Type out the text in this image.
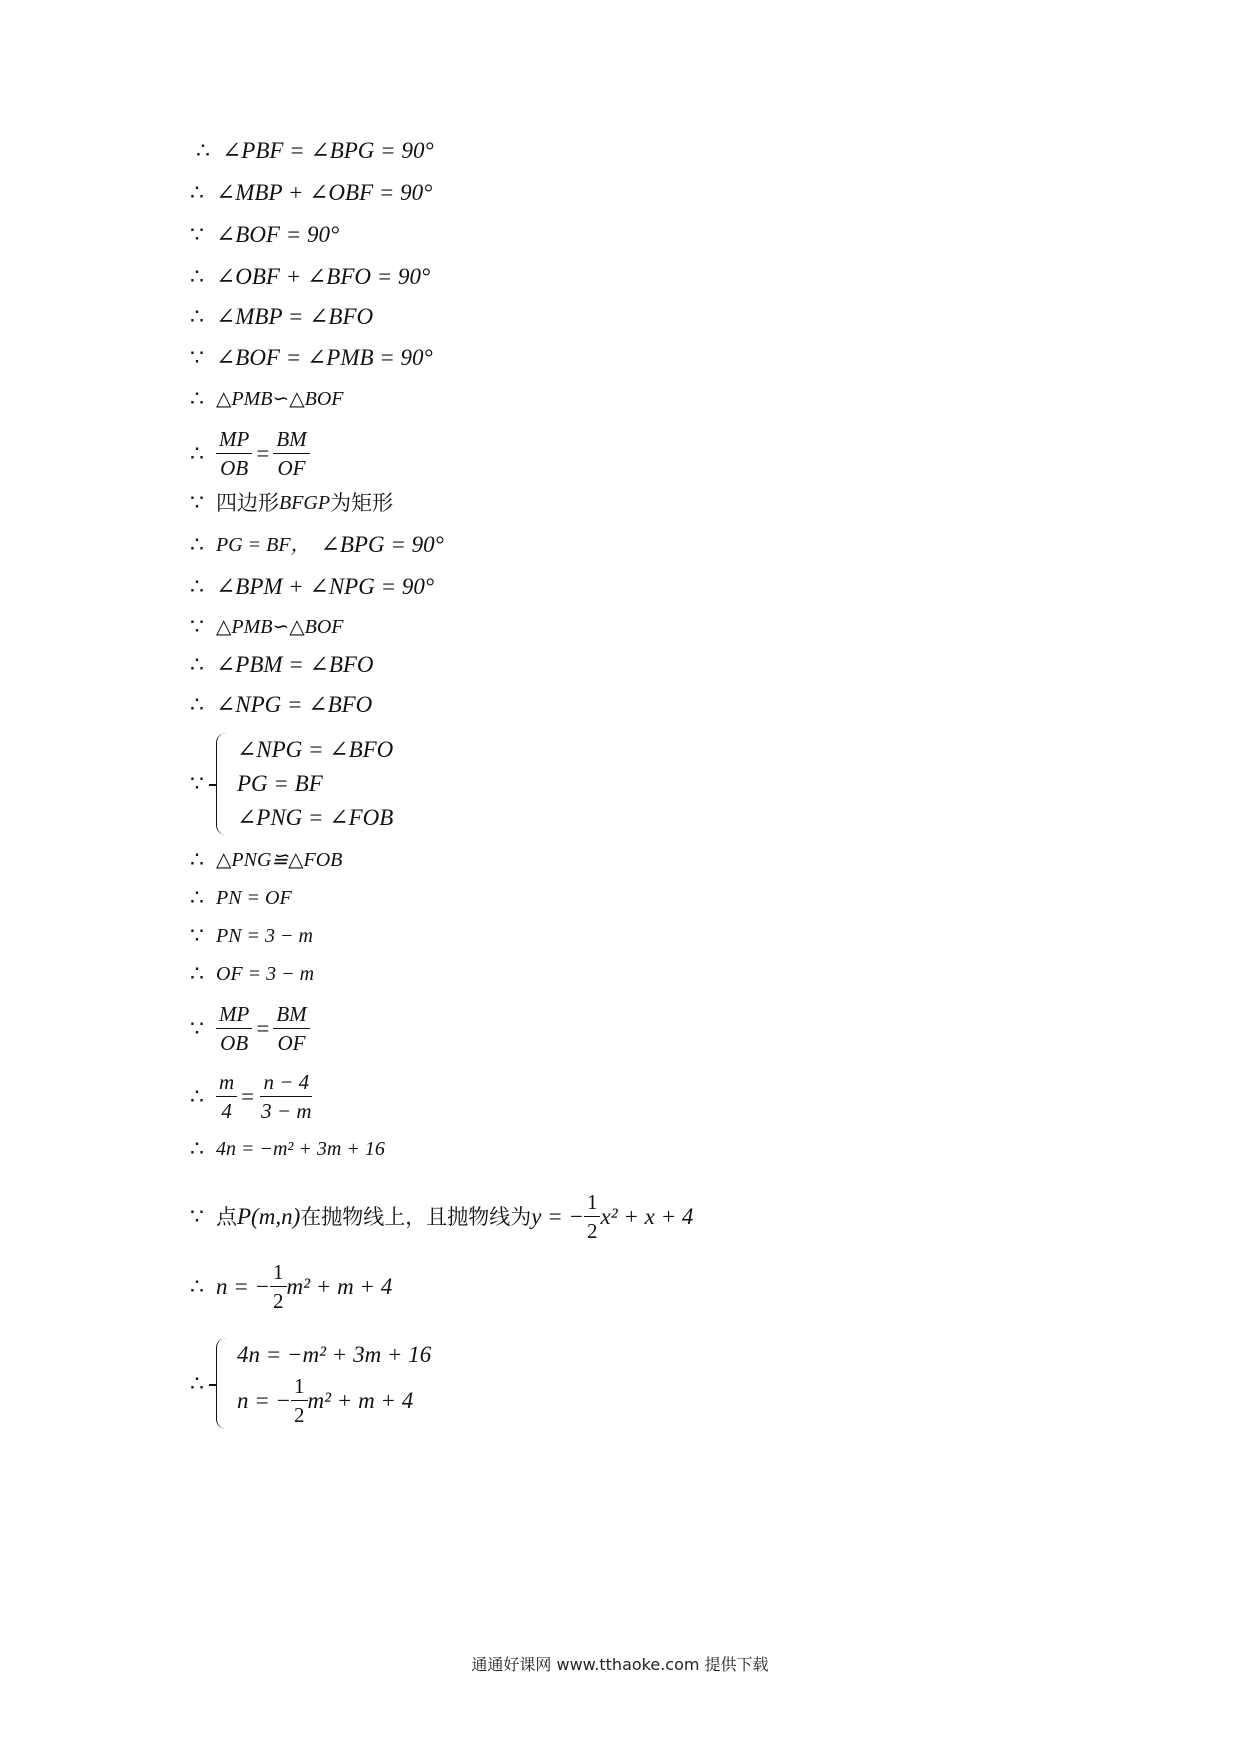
∴ ∠PBF = ∠BPG = 90°
∴ ∠MBP + ∠OBF = 90°
∵ ∠BOF = 90°
∴ ∠OBF + ∠BFO = 90°
∴ ∠MBP = ∠BFO
∵ ∠BOF = ∠PMB = 90°
∴ △PMB∽△BOF
∴ $\frac{MP}{OB} = \frac{BM}{OF}$
∵ 四边形 BFGP 为矩形
∴ PG = BF， ∠BPG = 90°
∴ ∠BPM + ∠NPG = 90°
∵ △PMB∽△BOF
∴ ∠PBM = ∠BFO
∴ ∠NPG = ∠BFO
∵
∠NPG = ∠BFO
PG = BF
∠PNG = ∠FOB
∴ △PNG≌△FOB
∴ PN = OF
∵ PN = 3 − m
∴ OF = 3 − m
∵ $\frac{MP}{OB} = \frac{BM}{OF}$
∴ $\frac{m}{4} = \frac{n - 4}{3 - m}$
∴ 4n = −m² + 3m + 16
∵ 点 P(m,n) 在抛物线上，且抛物线为 y = − $\frac{1}{2} x^2 + x + 4$
∴ n = − $\frac{1}{2} m^2 + m + 4$
∴
4n = −m² + 3m + 16
n = − $\frac{1}{2} m^2 + m + 4$
通通好课网 www.tthaoke.com 提供下载
